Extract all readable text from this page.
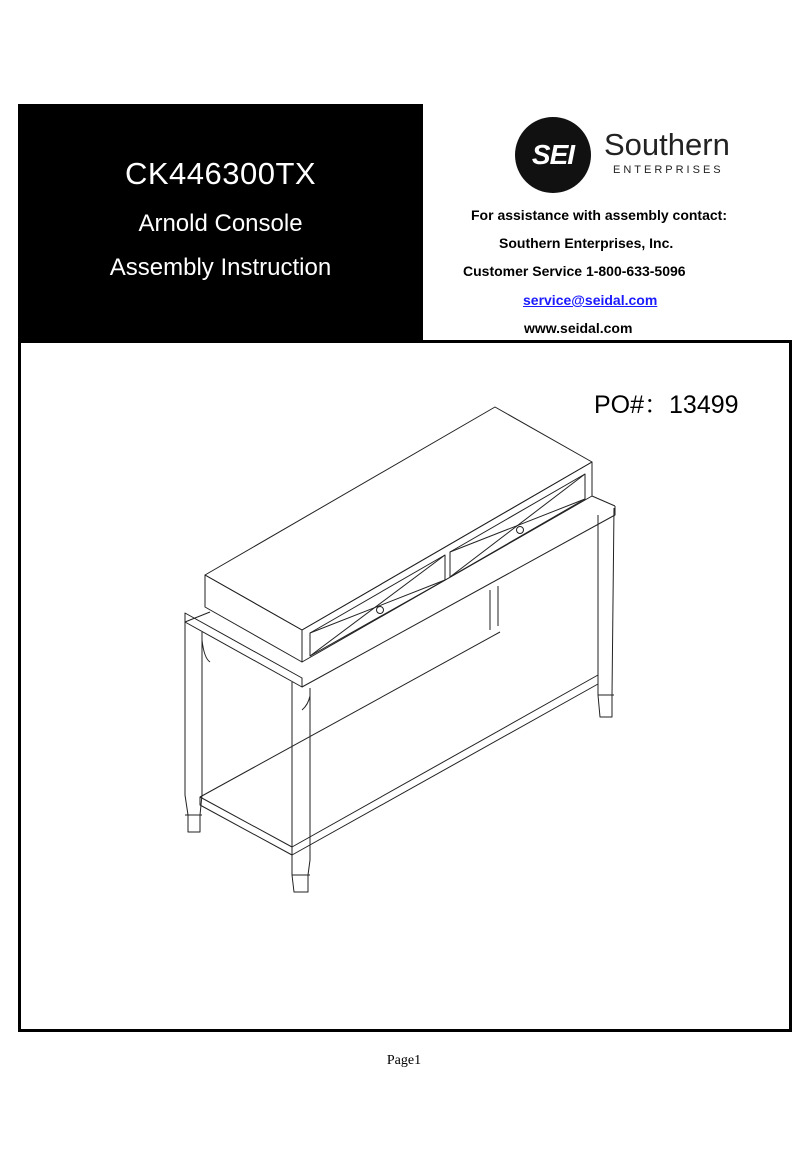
CK446300TX
Arnold Console
Assembly Instruction
SEI Southern
ENTERPRISES
For assistance with assembly contact:
Southern Enterprises, Inc.
Customer Service 1-800-633-5096
service@seidal.com
www.seidal.com
PO#：13499
Page1
